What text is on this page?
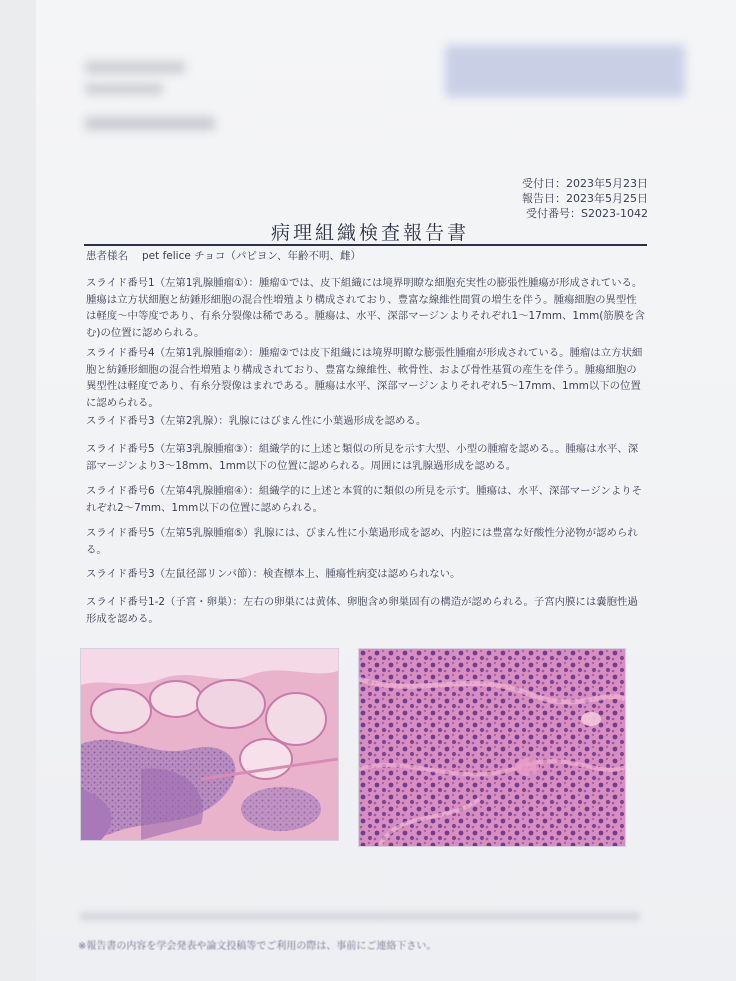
受付日：2023年5月23日
報告日：2023年5月25日
受付番号：S2023-1042
病理組織検査報告書
患者様名 pet felice チョコ（パピヨン、年齢不明、雌）
スライド番号1（左第1乳腺腫瘤①）：腫瘤①では、皮下組織には境界明瞭な細胞充実性の膨張性腫瘍が形成されている。腫瘍は立方状細胞と紡錘形細胞の混合性増殖より構成されており、豊富な線維性間質の増生を伴う。腫瘍細胞の異型性は軽度～中等度であり、有糸分裂像は稀である。腫瘍は、水平、深部マージンよりそれぞれ1～17mm、1mm(筋膜を含む)の位置に認められる。
スライド番号4（左第1乳腺腫瘤②）：腫瘤②では皮下組織には境界明瞭な膨張性腫瘤が形成されている。腫瘤は立方状細胞と紡錘形細胞の混合性増殖より構成されており、豊富な線維性、軟骨性、および骨性基質の産生を伴う。腫瘍細胞の異型性は軽度であり、有糸分裂像はまれである。腫瘍は水平、深部マージンよりそれぞれ5～17mm、1mm以下の位置に認められる。
スライド番号3（左第2乳腺）：乳腺にはびまん性に小葉過形成を認める。
スライド番号5（左第3乳腺腫瘤③）：組織学的に上述と類似の所見を示す大型、小型の腫瘤を認める。。腫瘍は水平、深部マージンより3～18mm、1mm以下の位置に認められる。周囲には乳腺過形成を認める。
スライド番号6（左第4乳腺腫瘤④）：組織学的に上述と本質的に類似の所見を示す。腫瘍は、水平、深部マージンよりそれぞれ2～7mm、1mm以下の位置に認められる。
スライド番号5（左第5乳腺腫瘤⑤）乳腺には、びまん性に小葉過形成を認め、内腔には豊富な好酸性分泌物が認められる。
スライド番号3（左鼠径部リンパ節）：検査標本上、腫瘍性病変は認められない。
スライド番号1-2（子宮・卵巣）：左右の卵巣には黄体、卵胞含め卵巣固有の構造が認められる。子宮内膜には嚢胞性過形成を認める。
※報告書の内容を学会発表や論文投稿等でご利用の際は、事前にご連絡下さい。
